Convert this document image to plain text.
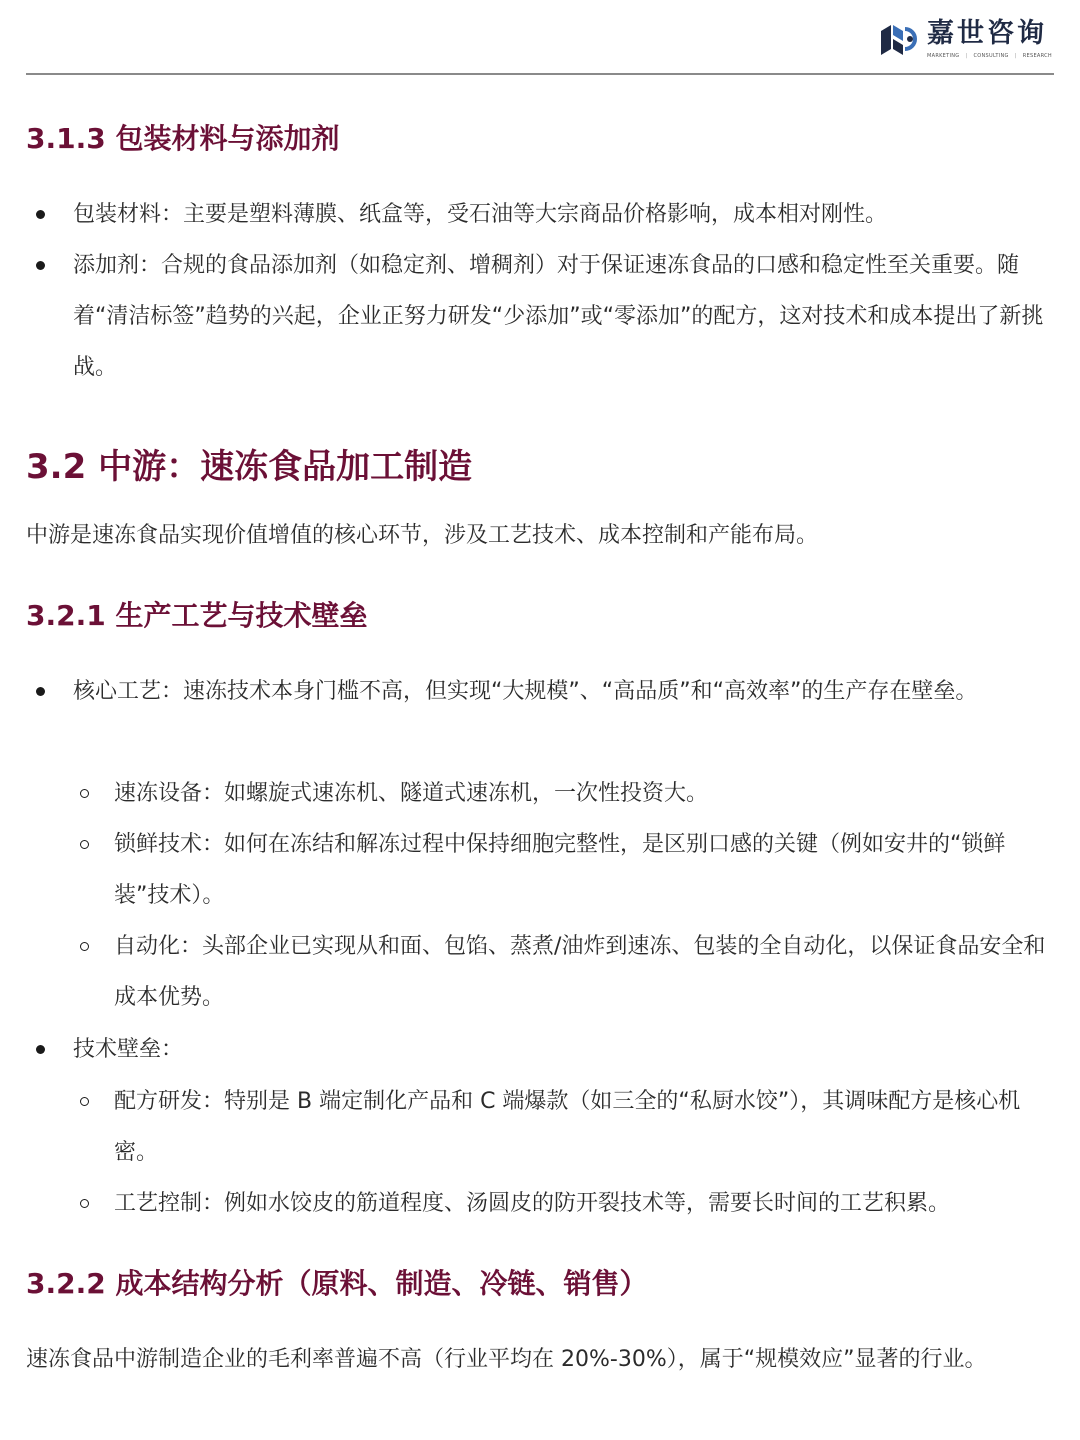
嘉世咨询
MARKETING | CONSULTING | RESEARCH
3.1.3 包装材料与添加剂
包装材料：主要是塑料薄膜、纸盒等，受石油等大宗商品价格影响，成本相对刚性。
添加剂：合规的食品添加剂（如稳定剂、增稠剂）对于保证速冻食品的口感和稳定性至关重要。随着“清洁标签”趋势的兴起，企业正努力研发“少添加”或“零添加”的配方，这对技术和成本提出了新挑战。
3.2 中游：速冻食品加工制造
中游是速冻食品实现价值增值的核心环节，涉及工艺技术、成本控制和产能布局。
3.2.1 生产工艺与技术壁垒
核心工艺：速冻技术本身门槛不高，但实现“大规模”、“高品质”和“高效率”的生产存在壁垒。
速冻设备：如螺旋式速冻机、隧道式速冻机，一次性投资大。
锁鲜技术：如何在冻结和解冻过程中保持细胞完整性，是区别口感的关键（例如安井的“锁鲜装”技术）。
自动化：头部企业已实现从和面、包馅、蒸煮/油炸到速冻、包装的全自动化，以保证食品安全和成本优势。
技术壁垒：
配方研发：特别是 B 端定制化产品和 C 端爆款（如三全的“私厨水饺”），其调味配方是核心机密。
工艺控制：例如水饺皮的筋道程度、汤圆皮的防开裂技术等，需要长时间的工艺积累。
3.2.2 成本结构分析（原料、制造、冷链、销售）
速冻食品中游制造企业的毛利率普遍不高（行业平均在 20%-30%），属于“规模效应”显著的行业。
